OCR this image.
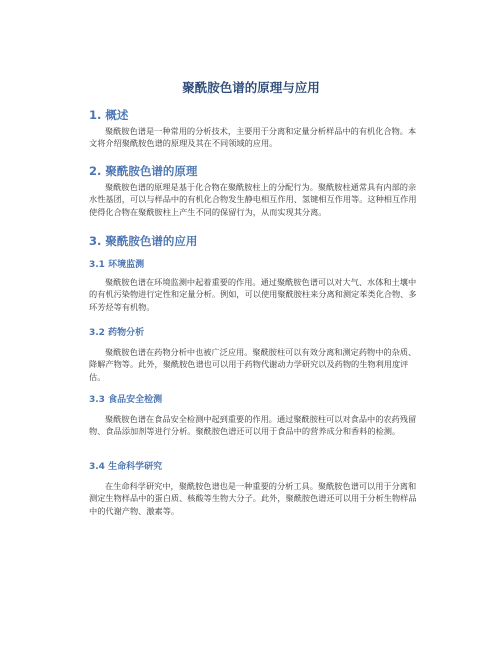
聚酰胺色谱的原理与应用
1. 概述

聚酰胺色谱是一种常用的分析技术，主要用于分离和定量分析样品中的有机化合物。本文将介绍聚酰胺色谱的原理及其在不同领域的应用。

2. 聚酰胺色谱的原理

聚酰胺色谱的原理是基于化合物在聚酰胺柱上的分配行为。聚酰胺柱通常具有内部的亲水性基团，可以与样品中的有机化合物发生静电相互作用、氢键相互作用等。这种相互作用使得化合物在聚酰胺柱上产生不同的保留行为，从而实现其分离。

3. 聚酰胺色谱的应用
3.1 环境监测

聚酰胺色谱在环境监测中起着重要的作用。通过聚酰胺色谱可以对大气、水体和土壤中的有机污染物进行定性和定量分析。例如，可以使用聚酰胺柱来分离和测定苯类化合物、多环芳烃等有机物。

3.2 药物分析

聚酰胺色谱在药物分析中也被广泛应用。聚酰胺柱可以有效分离和测定药物中的杂质、降解产物等。此外，聚酰胺色谱也可以用于药物代谢动力学研究以及药物的生物利用度评估。

3.3 食品安全检测

聚酰胺色谱在食品安全检测中起到重要的作用。通过聚酰胺柱可以对食品中的农药残留物、食品添加剂等进行分析。聚酰胺色谱还可以用于食品中的营养成分和香料的检测。

3.4 生命科学研究

在生命科学研究中，聚酰胺色谱也是一种重要的分析工具。聚酰胺色谱可以用于分离和测定生物样品中的蛋白质、核酸等生物大分子。此外，聚酰胺色谱还可以用于分析生物样品中的代谢产物、激素等。
